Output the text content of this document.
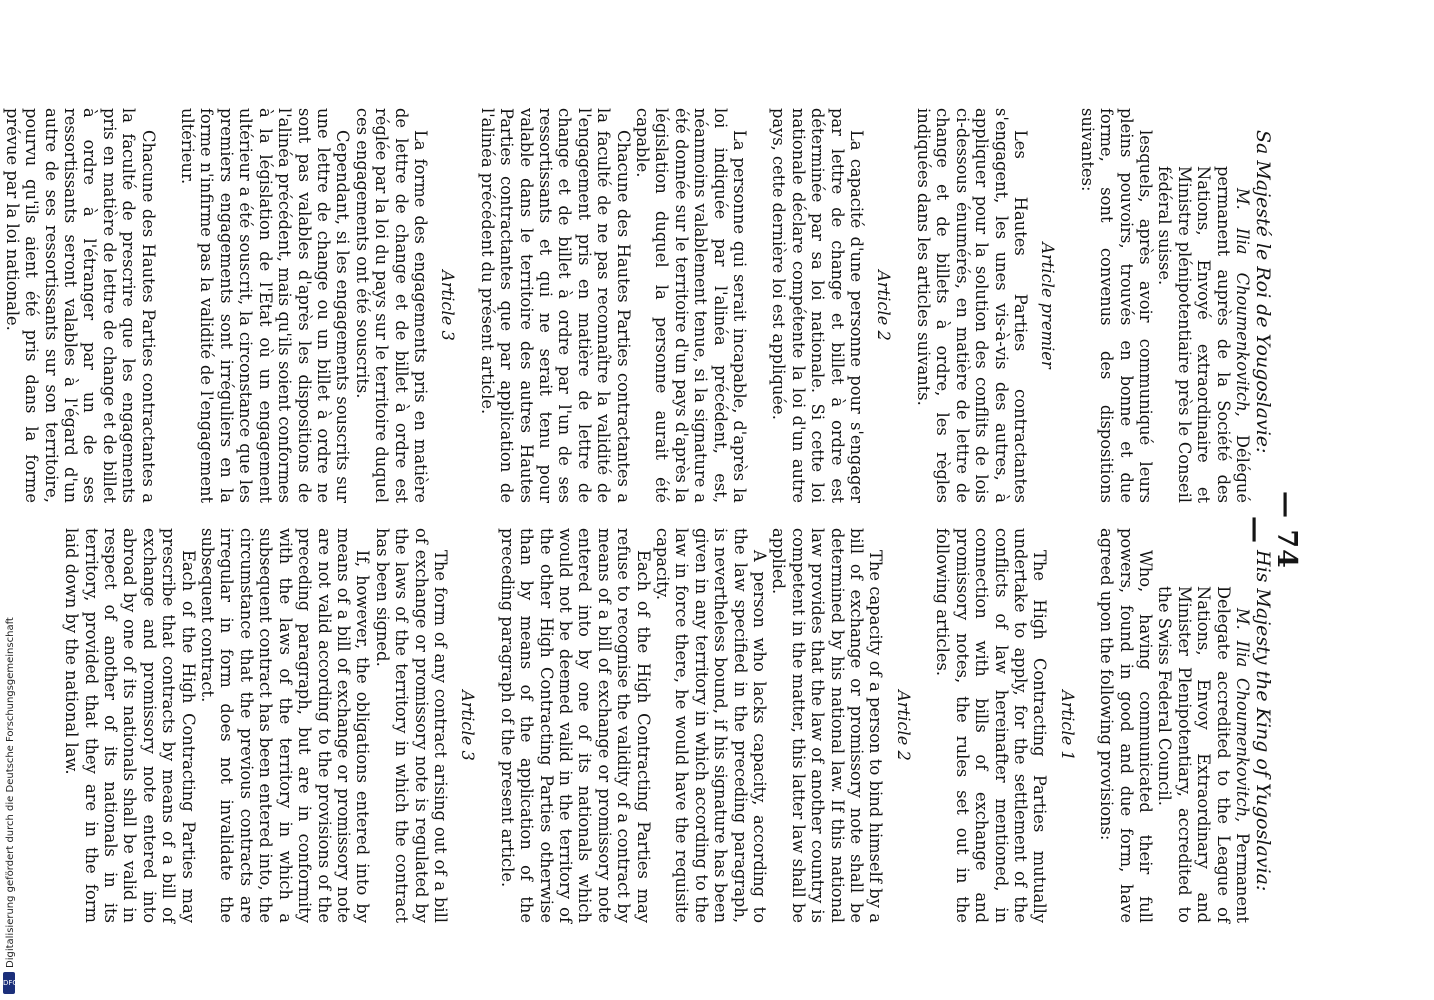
— 74 —

Sa Majesté le Roi de Yougoslavie:

M. Ilia Choumenkovitch, Délégué permanent auprès de la Société des Nations, Envoyé extraordinaire et Ministre plénipotentiaire près le Conseil fédéral suisse.

lesquels, après avoir communiqué leurs pleins pouvoirs, trouvés en bonne et due forme, sont convenus des dispositions suivantes:

Article premier

Les Hautes Parties contractantes s'engagent, les unes vis-à-vis des autres, à appliquer pour la solution des conflits de lois ci-dessous énumérés, en matière de lettre de change et de billets à ordre, les règles indiquées dans les articles suivants.

Article 2

La capacité d'une personne pour s'engager par lettre de change et billet à ordre est déterminée par sa loi nationale. Si cette loi nationale déclare compétente la loi d'un autre pays, cette dernière loi est appliquée.

La personne qui serait incapable, d'après la loi indiquée par l'alinéa précédent, est, néanmoins valablement tenue, si la signature a été donnée sur le territoire d'un pays d'après la législation duquel la personne aurait été capable.

Chacune des Hautes Parties contractantes a la faculté de ne pas reconnaître la validité de l'engagement pris en matière de lettre de change et de billet à ordre par l'un de ses ressortissants et qui ne serait tenu pour valable dans le territoire des autres Hautes Parties contractantes que par application de l'alinéa précédent du présent article.

Article 3

La forme des engagements pris en matière de lettre de change et de billet à ordre est réglée par la loi du pays sur le territoire duquel ces engagements ont été souscrits.

Cependant, si les engagements souscrits sur une lettre de change ou un billet à ordre ne sont pas valables d'après les dispositions de l'alinéa précédent, mais qu'ils soient conformes à la législation de l'Etat où un engagement ultérieur a été souscrit, la circonstance que les premiers engagements sont irréguliers en la forme n'infirme pas la validité de l'engagement ultérieur.

Chacune des Hautes Parties contractantes a la faculté de prescrire que les engagements pris en matière de lettre de change et de billet à ordre à l'étranger par un de ses ressortissants seront valables à l'égard d'un autre de ses ressortissants sur son territoire, pourvu qu'ils aient été pris dans la forme prévue par la loi nationale.

His Majesty the King of Yugoslavia:

M. Ilia Choumenkovitch, Permanent Delegate accredited to the League of Nations, Envoy Extraordinary and Minister Plenipotentiary, accredited to the Swiss Federal Council.

Who, having communicated their full powers, found in good and due form, have agreed upon the following provisions:

Article 1

The High Contracting Parties mutually undertake to apply, for the settlement of the conflicts of law hereinafter mentioned, in connection with bills of exchange and promissory notes, the rules set out in the following articles.

Article 2

The capacity of a person to bind himself by a bill of exchange or promissory note shall be determined by his national law. If this national law provides that the law of another country is competent in the matter, this latter law shall be applied.

A person who lacks capacity, according to the law specified in the preceding paragraph, is nevertheless bound, if his signature has been given in any territory in which according to the law in force there, he would have the requisite capacity.

Each of the High Contracting Parties may refuse to recognise the validity of a contract by means of a bill of exchange or promissory note entered into by one of its nationals which would not be deemed valid in the territory of the other High Contracting Parties otherwise than by means of the application of the preceding paragraph of the present article.

Article 3

The form of any contract arising out of a bill of exchange or promissory note is regulated by the laws of the territory in which the contract has been signed.

If, however, the obligations entered into by means of a bill of exchange or promissory note are not valid according to the provisions of the preceding paragraph, but are in conformity with the laws of the territory in which a subsequent contract has been entered into, the circumstance that the previous contracts are irregular in form does not invalidate the subsequent contract.

Each of the High Contracting Parties may prescribe that contracts by means of a bill of exchange and promissory note entered into abroad by one of its nationals shall be valid in respect of another of its nationals in its territory, provided that they are in the form laid down by the national law.

Digitalisierung gefördert durch die Deutsche Forschungsgemeinschaft
DFG
